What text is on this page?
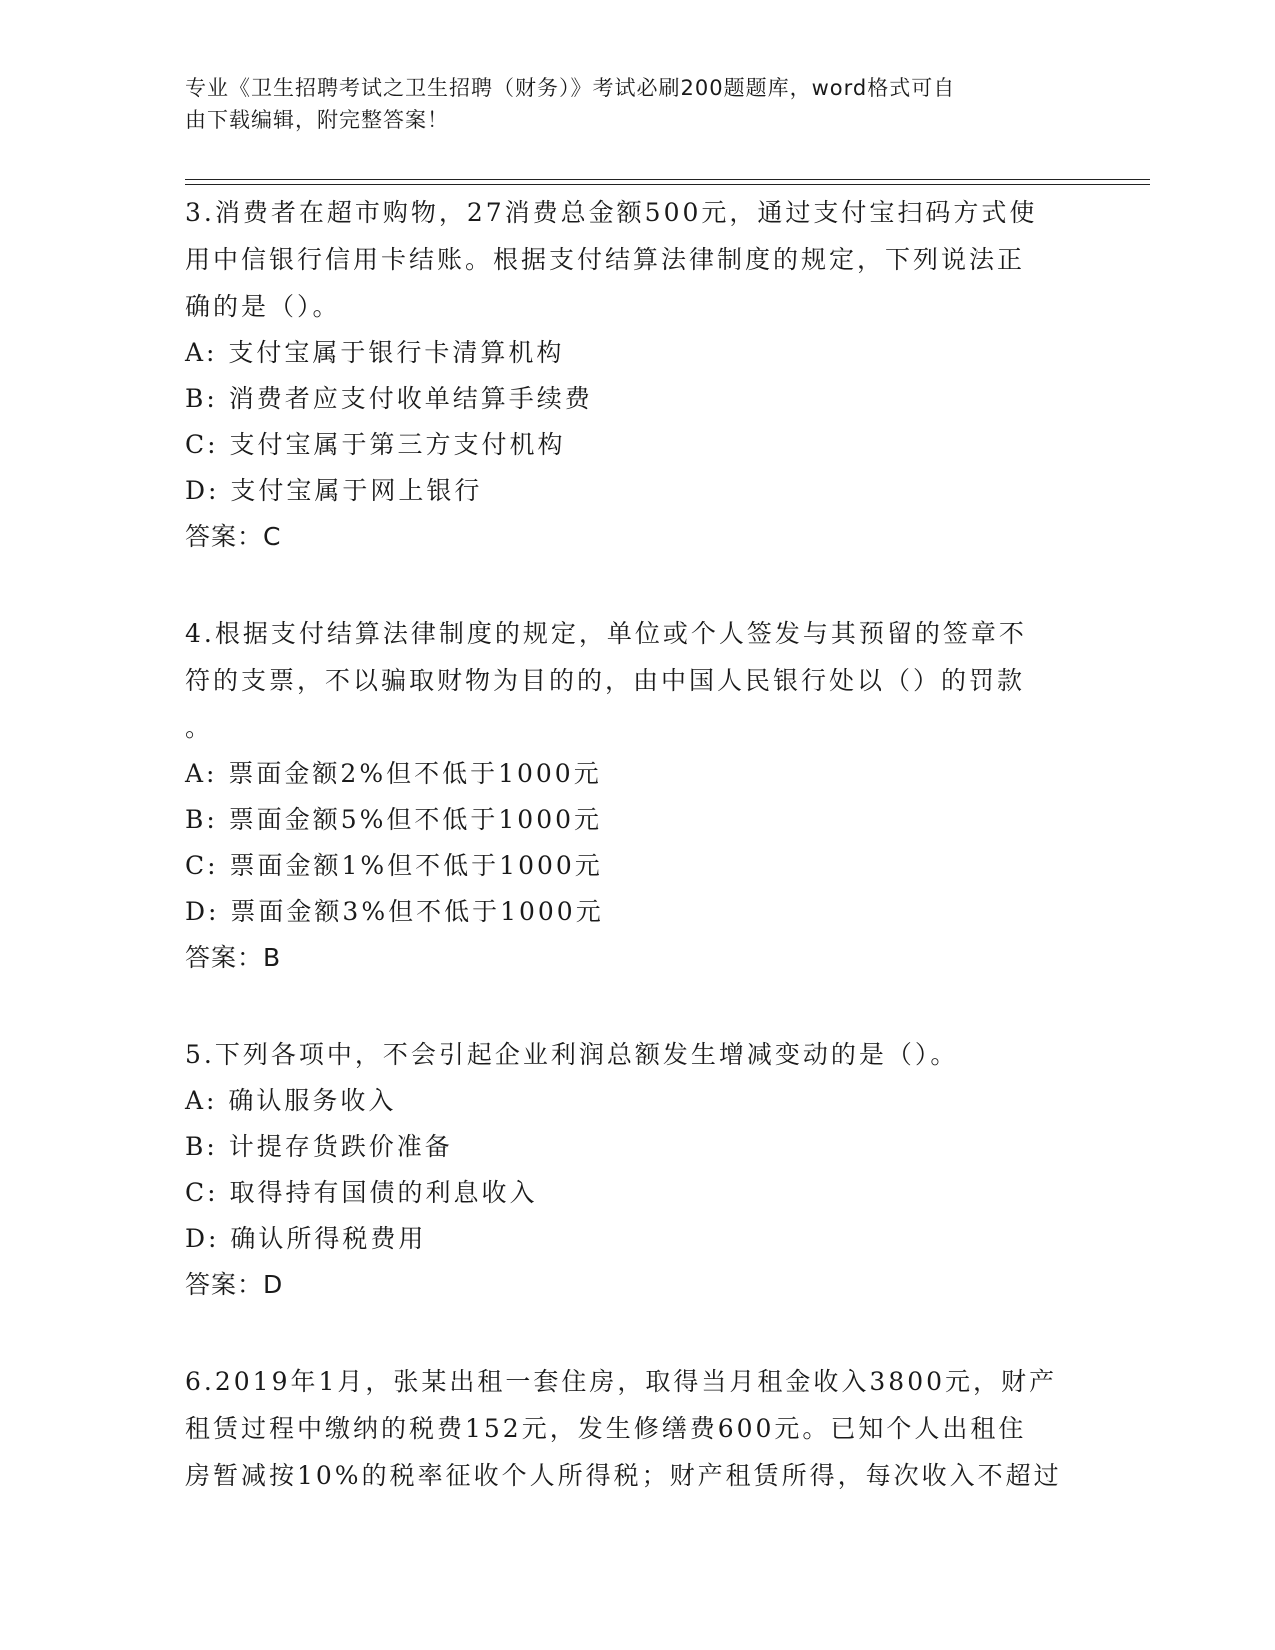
专业《卫生招聘考试之卫生招聘（财务）》考试必刷200题题库，word格式可自
由下载编辑，附完整答案！

3.消费者在超市购物，27消费总金额500元，通过支付宝扫码方式使

用中信银行信用卡结账。根据支付结算法律制度的规定，下列说法正

确的是（）。

A: 支付宝属于银行卡清算机构

B: 消费者应支付收单结算手续费

C: 支付宝属于第三方支付机构

D: 支付宝属于网上银行

答案：C

4.根据支付结算法律制度的规定，单位或个人签发与其预留的签章不

符的支票，不以骗取财物为目的的，由中国人民银行处以（）的罚款

。

A: 票面金额2%但不低于1000元

B: 票面金额5%但不低于1000元

C: 票面金额1%但不低于1000元

D: 票面金额3%但不低于1000元

答案：B

5.下列各项中，不会引起企业利润总额发生增减变动的是（）。

A: 确认服务收入

B: 计提存货跌价准备

C: 取得持有国债的利息收入

D: 确认所得税费用

答案：D

6.2019年1月，张某出租一套住房，取得当月租金收入3800元，财产

租赁过程中缴纳的税费152元，发生修缮费600元。已知个人出租住

房暂减按10%的税率征收个人所得税；财产租赁所得，每次收入不超过
